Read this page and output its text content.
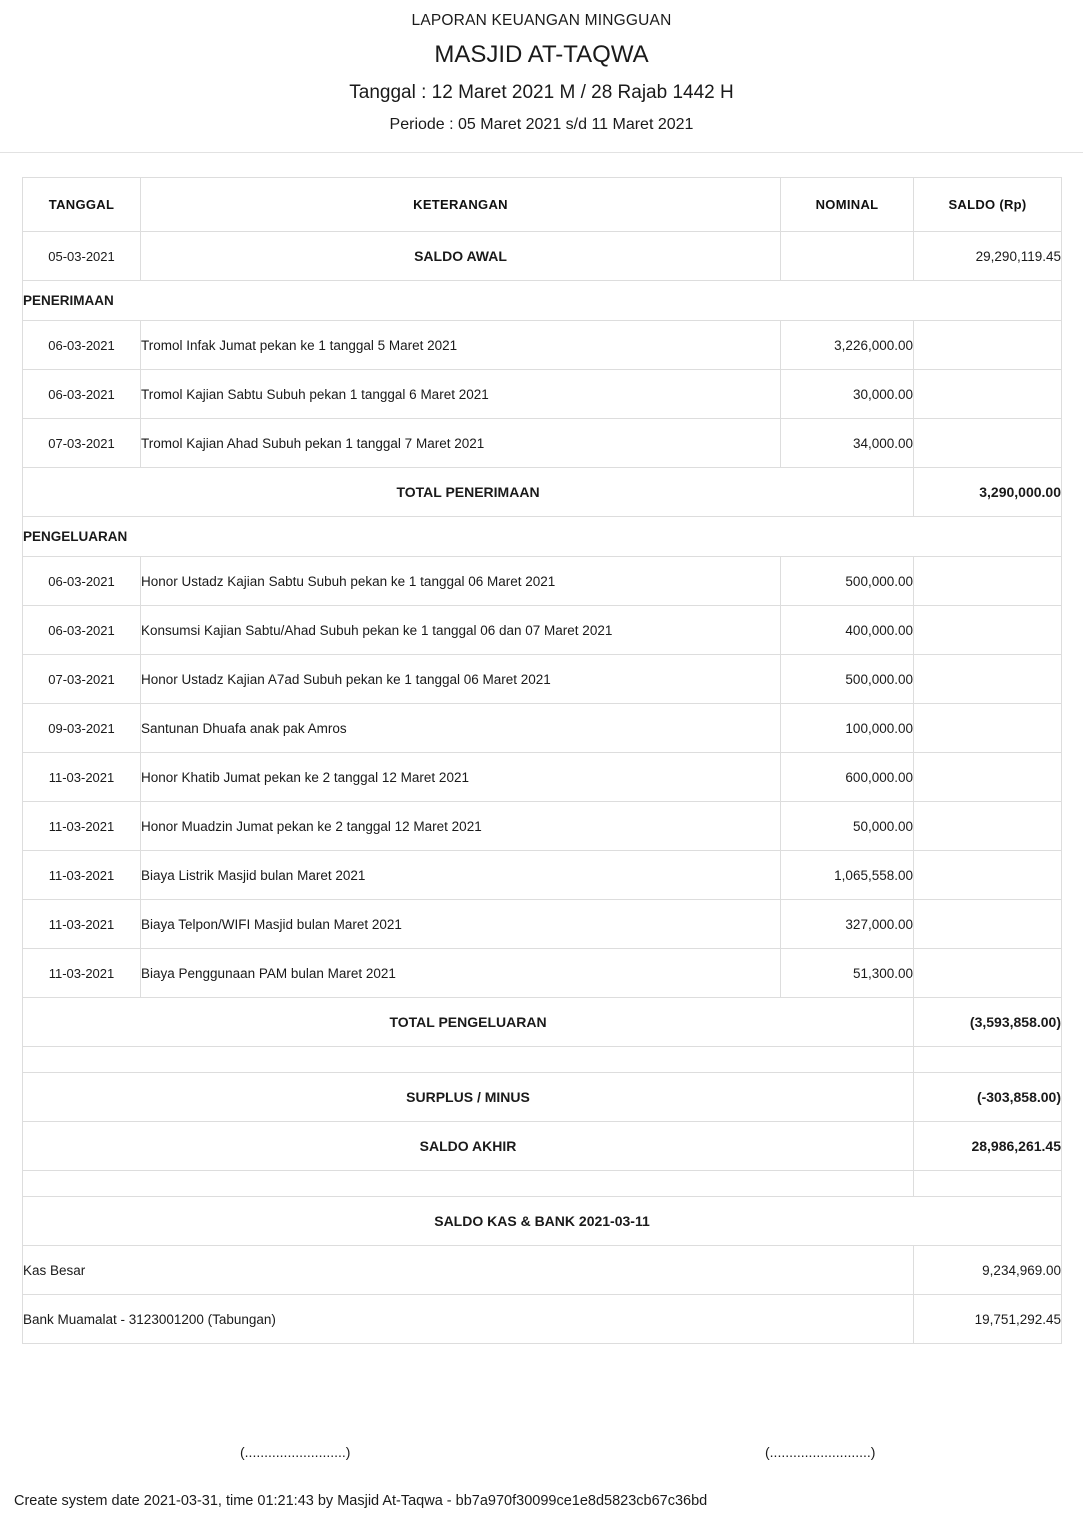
LAPORAN KEUANGAN MINGGUAN
MASJID AT-TAQWA
Tanggal : 12 Maret 2021 M / 28 Rajab 1442 H
Periode : 05 Maret 2021 s/d 11 Maret 2021
TANGGAL	KETERANGAN	NOMINAL	SALDO (Rp)
05-03-2021	SALDO AWAL		29,290,119.45
PENERIMAAN			
06-03-2021	Tromol Infak Jumat pekan ke 1 tanggal 5 Maret 2021	3,226,000.00	
06-03-2021	Tromol Kajian Sabtu Subuh pekan 1 tanggal 6 Maret 2021	30,000.00	
07-03-2021	Tromol Kajian Ahad Subuh pekan 1 tanggal 7 Maret 2021	34,000.00	
TOTAL PENERIMAAN			3,290,000.00
PENGELUARAN			
06-03-2021	Honor Ustadz Kajian Sabtu Subuh pekan ke 1 tanggal 06 Maret 2021	500,000.00	
06-03-2021	Konsumsi Kajian Sabtu/Ahad Subuh pekan ke 1 tanggal 06 dan 07 Maret 2021	400,000.00	
07-03-2021	Honor Ustadz Kajian A7ad Subuh pekan ke 1 tanggal 06 Maret 2021	500,000.00	
09-03-2021	Santunan Dhuafa anak pak Amros	100,000.00	
11-03-2021	Honor Khatib Jumat pekan ke 2 tanggal 12 Maret 2021	600,000.00	
11-03-2021	Honor Muadzin Jumat pekan ke 2 tanggal 12 Maret 2021	50,000.00	
11-03-2021	Biaya Listrik Masjid bulan Maret 2021	1,065,558.00	
11-03-2021	Biaya Telpon/WIFI Masjid bulan Maret 2021	327,000.00	
11-03-2021	Biaya Penggunaan PAM bulan Maret 2021	51,300.00	
TOTAL PENGELUARAN			(3,593,858.00)

SURPLUS / MINUS			(-303,858.00)
SALDO AKHIR			28,986,261.45

SALDO KAS & BANK 2021-03-11			
Kas Besar			9,234,969.00
Bank Muamalat - 3123001200 (Tabungan)			19,751,292.45
(..........................)	(..........................)
Create system date 2021-03-31, time 01:21:43 by Masjid At-Taqwa - bb7a970f30099ce1e8d5823cb67c36bd
